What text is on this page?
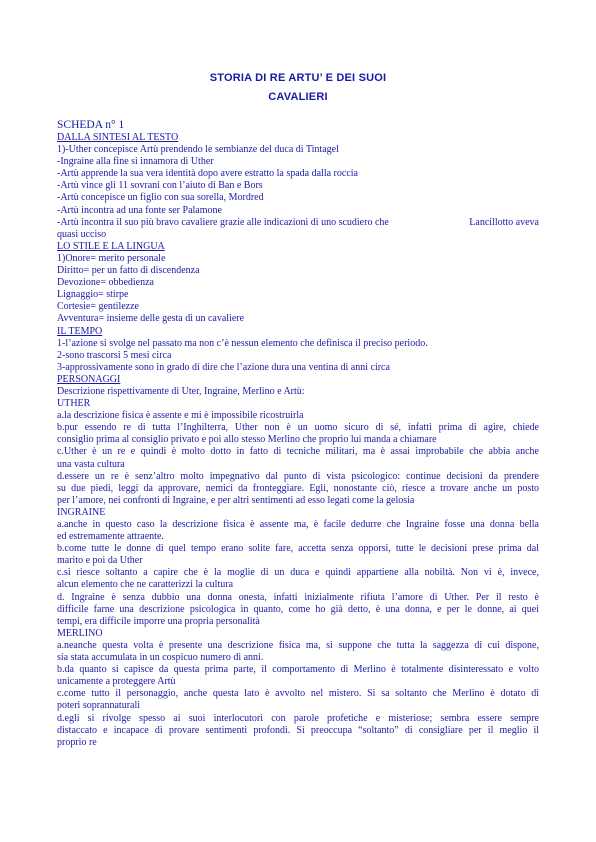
STORIA DI RE ARTU’ E DEI SUOI
CAVALIERI

SCHEDA n° 1

DALLA SINTESI AL TESTO

1)-Uther concepisce Artù prendendo le sembianze del duca di Tintagel

-Ingraine alla fine si innamora di Uther

-Artù apprende la sua vera identità dopo avere estratto la spada dalla roccia

-Artù vince gli 11 sovrani con l’aiuto di Ban e Bors

-Artù concepisce un figlio con sua sorella, Mordred

-Artù incontra ad una fonte ser Palamone

-Artù incontra il suo più bravo cavaliere grazie alle indicazioni di uno scudiero che	Lancillotto aveva

quasi ucciso

LO STILE E LA LINGUA

1)Onore= merito personale

Diritto= per un fatto di discendenza

Devozione= obbedienza

Lignaggio= stirpe

Cortesie= gentilezze

Avventura= insieme delle gesta di un cavaliere

IL TEMPO

1-l’azione si svolge nel passato ma non c’è nessun elemento che definisca il preciso periodo.

2-sono trascorsi 5 mesi circa

3-approssivamente sono in grado di dire che l’azione dura una ventina di anni circa

PERSONAGGI

Descrizione rispettivamente di Uter, Ingraine, Merlino e Artù:

UTHER

a.la descrizione fisica è assente e mi è impossibile ricostruirla

b.pur essendo re di tutta l’Inghilterra, Uther non è un uomo sicuro di sé, infatti prima di agire, chiede

consiglio prima al consiglio privato e poi allo stesso Merlino che proprio lui manda a chiamare

c.Uther è un re e quindi è molto dotto in fatto di tecniche militari, ma è assai improbabile che abbia anche

una vasta cultura

d.essere un re è senz’altro molto impegnativo dal punto di vista psicologico: continue decisioni da prendere

su due piedi, leggi da approvare, nemici da fronteggiare. Egli, nonostante ciò, riesce a trovare anche un posto

per l’amore, nei confronti di Ingraine, e per altri sentimenti ad esso legati come la gelosia

INGRAINE

a.anche in questo caso la descrizione fisica è assente ma, è facile dedurre che Ingraine fosse una donna bella

ed estremamente attraente.

b.come tutte le donne di quel tempo erano solite fare, accetta senza opporsi, tutte le decisioni prese prima dal

marito e poi da Uther

c.si riesce soltanto a capire che è la moglie di un duca e quindi appartiene alla nobiltà. Non vi è, invece,

alcun elemento che ne caratterizzi la cultura

d. Ingraine è senza dubbio una donna onesta, infatti inizialmente rifiuta l’amore di Uther. Per il resto è

difficile farne una descrizione psicologica in quanto, come ho già detto, è una donna, e per le donne, ai quei

tempi, era difficile imporre una propria personalità

MERLINO

a.neanche questa volta è presente una descrizione fisica ma, si suppone che tutta la saggezza di cui dispone,

sia stata accumulata in un cospicuo numero di anni.

b.da quanto si capisce da questa prima parte, il comportamento di Merlino è totalmente disinteressato e volto

unicamente a proteggere Artù

c.come tutto il personaggio, anche questa lato è avvolto nel mistero. Si sa soltanto che Merlino è dotato di

poteri soprannaturali

d.egli si rivolge spesso ai suoi interlocutori con parole profetiche e misteriose; sembra essere sempre

distaccato e incapace di provare sentimenti profondi. Si preoccupa “soltanto” di consigliare per il meglio il

proprio re
